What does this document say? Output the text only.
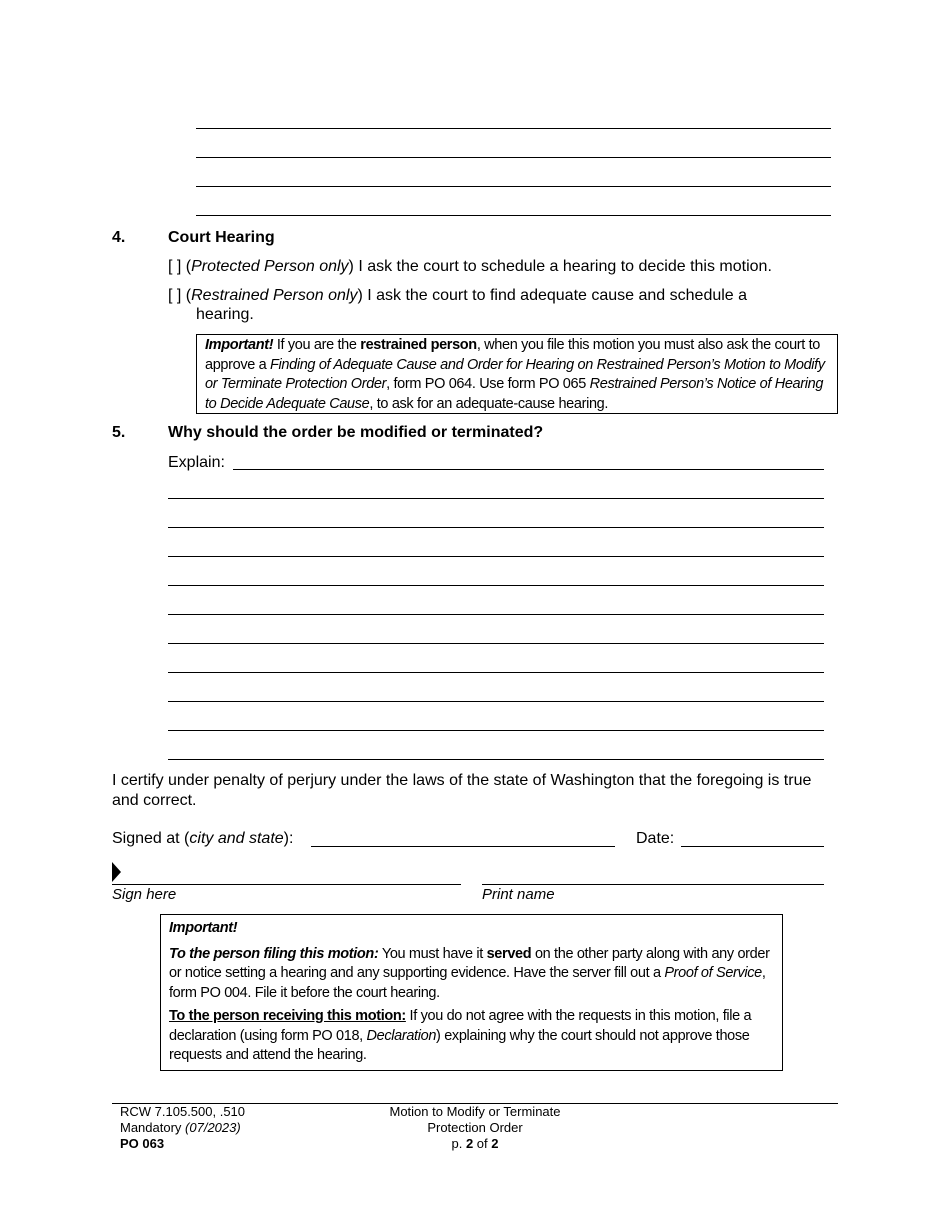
4.	Court Hearing
[ ] (Protected Person only) I ask the court to schedule a hearing to decide this motion.
[ ] (Restrained Person only) I ask the court to find adequate cause and schedule a
hearing.
Important! If you are the restrained person, when you file this motion you must also ask the court to approve a Finding of Adequate Cause and Order for Hearing on Restrained Person’s Motion to Modify or Terminate Protection Order, form PO 064. Use form PO 065 Restrained Person’s Notice of Hearing to Decide Adequate Cause, to ask for an adequate-cause hearing.
5.	Why should the order be modified or terminated?
Explain:
I certify under penalty of perjury under the laws of the state of Washington that the foregoing is true and correct.
Signed at (city and state):	Date:
Sign here	Print name
Important!
To the person filing this motion: You must have it served on the other party along with any order or notice setting a hearing and any supporting evidence. Have the server fill out a Proof of Service, form PO 004. File it before the court hearing.
To the person receiving this motion: If you do not agree with the requests in this motion, file a declaration (using form PO 018, Declaration) explaining why the court should not approve those requests and attend the hearing.
RCW 7.105.500, .510
Mandatory (07/2023)
PO 063
Motion to Modify or Terminate
Protection Order
p. 2 of 2
